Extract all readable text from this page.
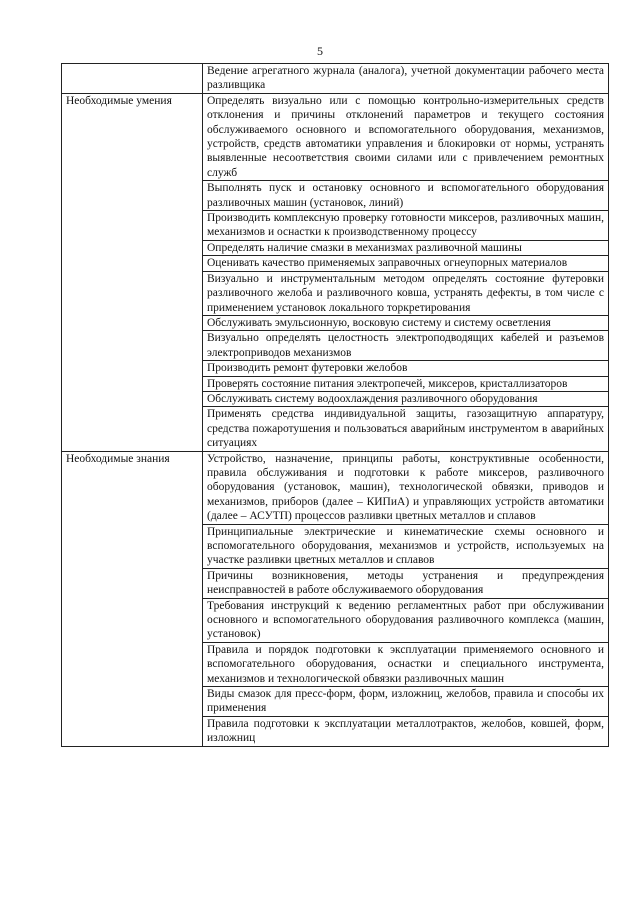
5
	Ведение агрегатного журнала (аналога), учетной документации рабочего места разливщика
Необходимые умения	Определять визуально или с помощью контрольно-измерительных средств отклонения и причины отклонений параметров и текущего состояния обслуживаемого основного и вспомогательного оборудования, механизмов, устройств, средств автоматики управления и блокировки от нормы, устранять выявленные несоответствия своими силами или с привлечением ремонтных служб
	Выполнять пуск и остановку основного и вспомогательного оборудования разливочных машин (установок, линий)
	Производить комплексную проверку готовности миксеров, разливочных машин, механизмов и оснастки к производственному процессу
	Определять наличие смазки в механизмах разливочной машины
	Оценивать качество применяемых заправочных огнеупорных материалов
	Визуально и инструментальным методом определять состояние футеровки разливочного желоба и разливочного ковша, устранять дефекты, в том числе с применением установок локального торкретирования
	Обслуживать эмульсионную, восковую систему и систему осветления
	Визуально определять целостность электроподводящих кабелей и разъемов электроприводов механизмов
	Производить ремонт футеровки желобов
	Проверять состояние питания электропечей, миксеров, кристаллизаторов
	Обслуживать систему водоохлаждения разливочного оборудования
	Применять средства индивидуальной защиты, газозащитную аппаратуру, средства пожаротушения и пользоваться аварийным инструментом в аварийных ситуациях
Необходимые знания	Устройство, назначение, принципы работы, конструктивные особенности, правила обслуживания и подготовки к работе миксеров, разливочного оборудования (установок, машин), технологической обвязки, приводов и механизмов, приборов (далее – КИПиА) и управляющих устройств автоматики (далее – АСУТП) процессов разливки цветных металлов и сплавов
	Принципиальные электрические и кинематические схемы основного и вспомогательного оборудования, механизмов и устройств, используемых на участке разливки цветных металлов и сплавов
	Причины возникновения, методы устранения и предупреждения неисправностей в работе обслуживаемого оборудования
	Требования инструкций к ведению регламентных работ при обслуживании основного и вспомогательного оборудования разливочного комплекса (машин, установок)
	Правила и порядок подготовки к эксплуатации применяемого основного и вспомогательного оборудования, оснастки и специального инструмента, механизмов и технологической обвязки разливочных машин
	Виды смазок для пресс-форм, форм, изложниц, желобов, правила и способы их применения
	Правила подготовки к эксплуатации металлотрактов, желобов, ковшей, форм, изложниц
